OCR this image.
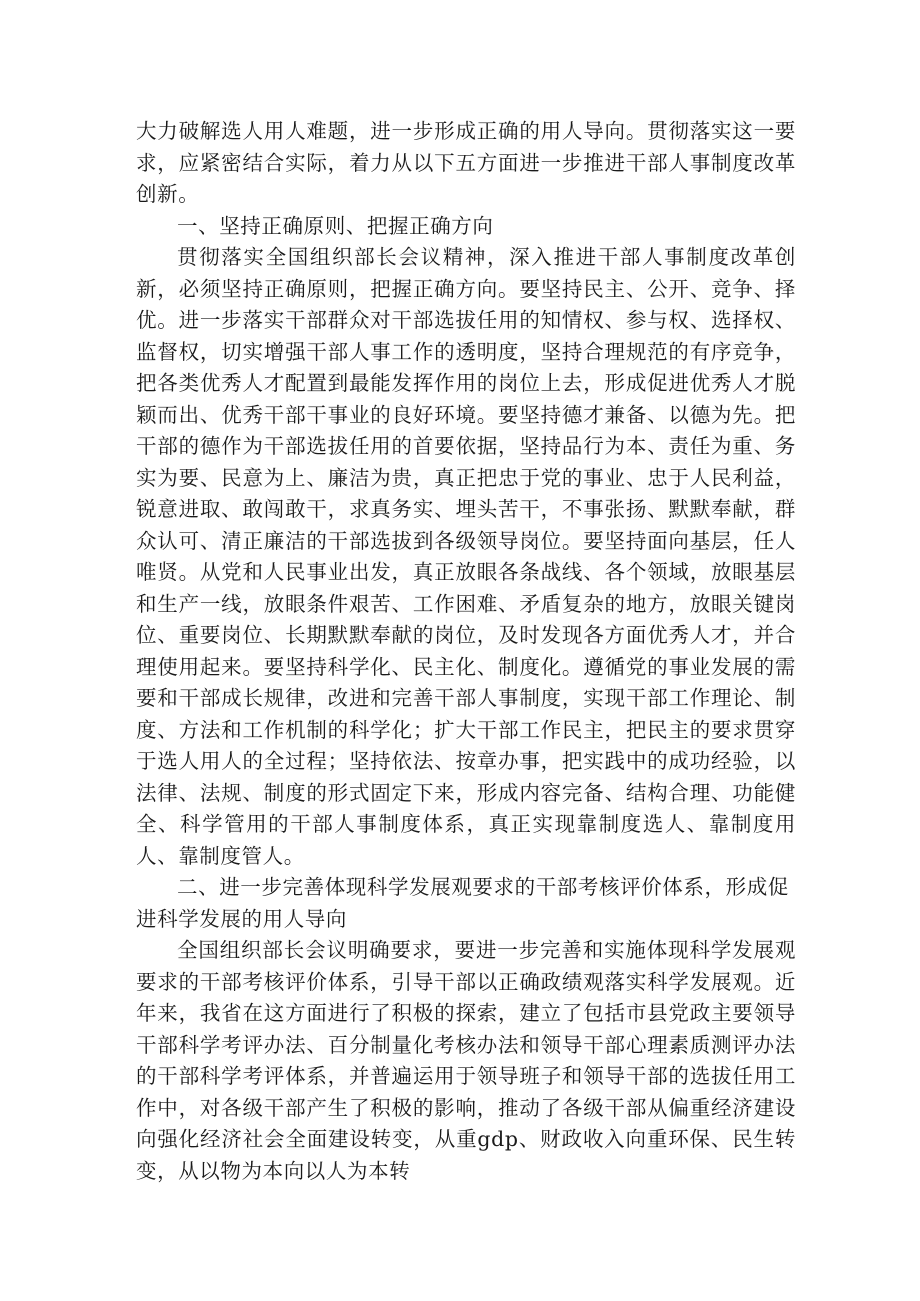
大力破解选人用人难题，进一步形成正确的用人导向。贯彻落实这一要求，应紧密结合实际，着力从以下五方面进一步推进干部人事制度改革创新。

一、坚持正确原则、把握正确方向

贯彻落实全国组织部长会议精神，深入推进干部人事制度改革创新，必须坚持正确原则，把握正确方向。要坚持民主、公开、竞争、择优。进一步落实干部群众对干部选拔任用的知情权、参与权、选择权、监督权，切实增强干部人事工作的透明度，坚持合理规范的有序竞争，把各类优秀人才配置到最能发挥作用的岗位上去，形成促进优秀人才脱颖而出、优秀干部干事业的良好环境。要坚持德才兼备、以德为先。把干部的德作为干部选拔任用的首要依据，坚持品行为本、责任为重、务实为要、民意为上、廉洁为贵，真正把忠于党的事业、忠于人民利益，锐意进取、敢闯敢干，求真务实、埋头苦干，不事张扬、默默奉献，群众认可、清正廉洁的干部选拔到各级领导岗位。要坚持面向基层，任人唯贤。从党和人民事业出发，真正放眼各条战线、各个领域，放眼基层和生产一线，放眼条件艰苦、工作困难、矛盾复杂的地方，放眼关键岗位、重要岗位、长期默默奉献的岗位，及时发现各方面优秀人才，并合理使用起来。要坚持科学化、民主化、制度化。遵循党的事业发展的需要和干部成长规律，改进和完善干部人事制度，实现干部工作理论、制度、方法和工作机制的科学化；扩大干部工作民主，把民主的要求贯穿于选人用人的全过程；坚持依法、按章办事，把实践中的成功经验，以法律、法规、制度的形式固定下来，形成内容完备、结构合理、功能健全、科学管用的干部人事制度体系，真正实现靠制度选人、靠制度用人、靠制度管人。

二、进一步完善体现科学发展观要求的干部考核评价体系，形成促进科学发展的用人导向

全国组织部长会议明确要求，要进一步完善和实施体现科学发展观要求的干部考核评价体系，引导干部以正确政绩观落实科学发展观。近年来，我省在这方面进行了积极的探索，建立了包括市县党政主要领导干部科学考评办法、百分制量化考核办法和领导干部心理素质测评办法的干部科学考评体系，并普遍运用于领导班子和领导干部的选拔任用工作中，对各级干部产生了积极的影响，推动了各级干部从偏重经济建设向强化经济社会全面建设转变，从重gdp、财政收入向重环保、民生转变，从以物为本向以人为本转
